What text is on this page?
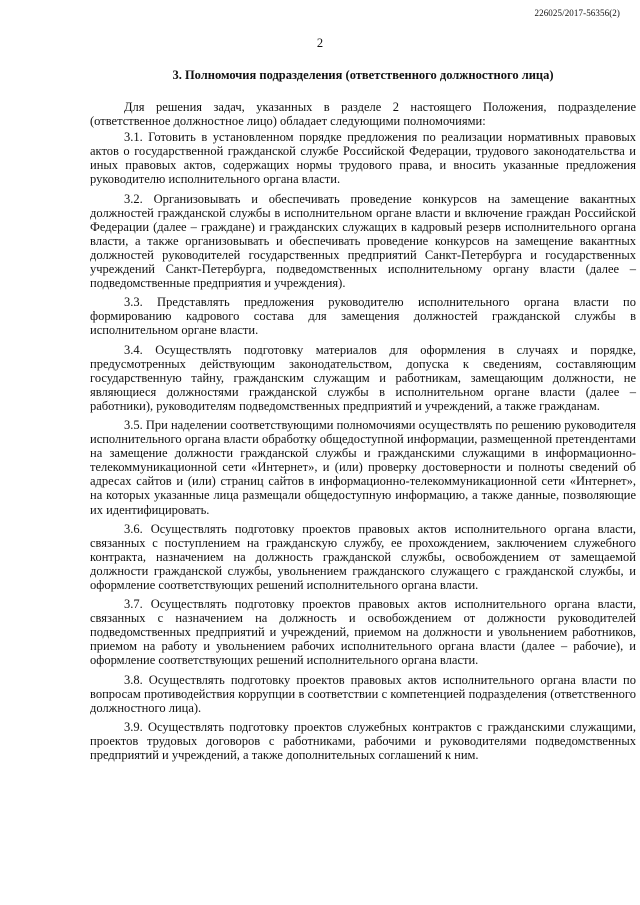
226025/2017-56356(2)
2
3. Полномочия подразделения (ответственного должностного лица)

Для решения задач, указанных в разделе 2 настоящего Положения, подразделение (ответственное должностное лицо) обладает следующими полномочиями:

3.1. Готовить в установленном порядке предложения по реализации нормативных правовых актов о государственной гражданской службе Российской Федерации, трудового законодательства и иных правовых актов, содержащих нормы трудового права, и вносить указанные предложения руководителю исполнительного органа власти.

3.2. Организовывать и обеспечивать проведение конкурсов на замещение вакантных должностей гражданской службы в исполнительном органе власти и включение граждан Российской Федерации (далее – граждане) и гражданских служащих в кадровый резерв исполнительного органа власти, а также организовывать и обеспечивать проведение конкурсов на замещение вакантных должностей руководителей государственных предприятий Санкт-Петербурга и государственных учреждений Санкт-Петербурга, подведомственных исполнительному органу власти (далее – подведомственные предприятия и учреждения).

3.3. Представлять предложения руководителю исполнительного органа власти по формированию кадрового состава для замещения должностей гражданской службы в исполнительном органе власти.

3.4. Осуществлять подготовку материалов для оформления в случаях и порядке, предусмотренных действующим законодательством, допуска к сведениям, составляющим государственную тайну, гражданским служащим и работникам, замещающим должности, не являющиеся должностями гражданской службы в исполнительном органе власти (далее – работники), руководителям подведомственных предприятий и учреждений, а также гражданам.

3.5. При наделении соответствующими полномочиями осуществлять по решению руководителя исполнительного органа власти обработку общедоступной информации, размещенной претендентами на замещение должности гражданской службы и гражданскими служащими в информационно-телекоммуникационной сети «Интернет», и (или) проверку достоверности и полноты сведений об адресах сайтов и (или) страниц сайтов в информационно-телекоммуникационной сети «Интернет», на которых указанные лица размещали общедоступную информацию, а также данные, позволяющие их идентифицировать.

3.6. Осуществлять подготовку проектов правовых актов исполнительного органа власти, связанных с поступлением на гражданскую службу, ее прохождением, заключением служебного контракта, назначением на должность гражданской службы, освобождением от замещаемой должности гражданской службы, увольнением гражданского служащего с гражданской службы, и оформление соответствующих решений исполнительного органа власти.

3.7. Осуществлять подготовку проектов правовых актов исполнительного органа власти, связанных с назначением на должность и освобождением от должности руководителей подведомственных предприятий и учреждений, приемом на должности и увольнением работников, приемом на работу и увольнением рабочих исполнительного органа власти (далее – рабочие), и оформление соответствующих решений исполнительного органа власти.

3.8. Осуществлять подготовку проектов правовых актов исполнительного органа власти по вопросам противодействия коррупции в соответствии с компетенцией подразделения (ответственного должностного лица).

3.9. Осуществлять подготовку проектов служебных контрактов с гражданскими служащими, проектов трудовых договоров с работниками, рабочими и руководителями подведомственных предприятий и учреждений, а также дополнительных соглашений к ним.
